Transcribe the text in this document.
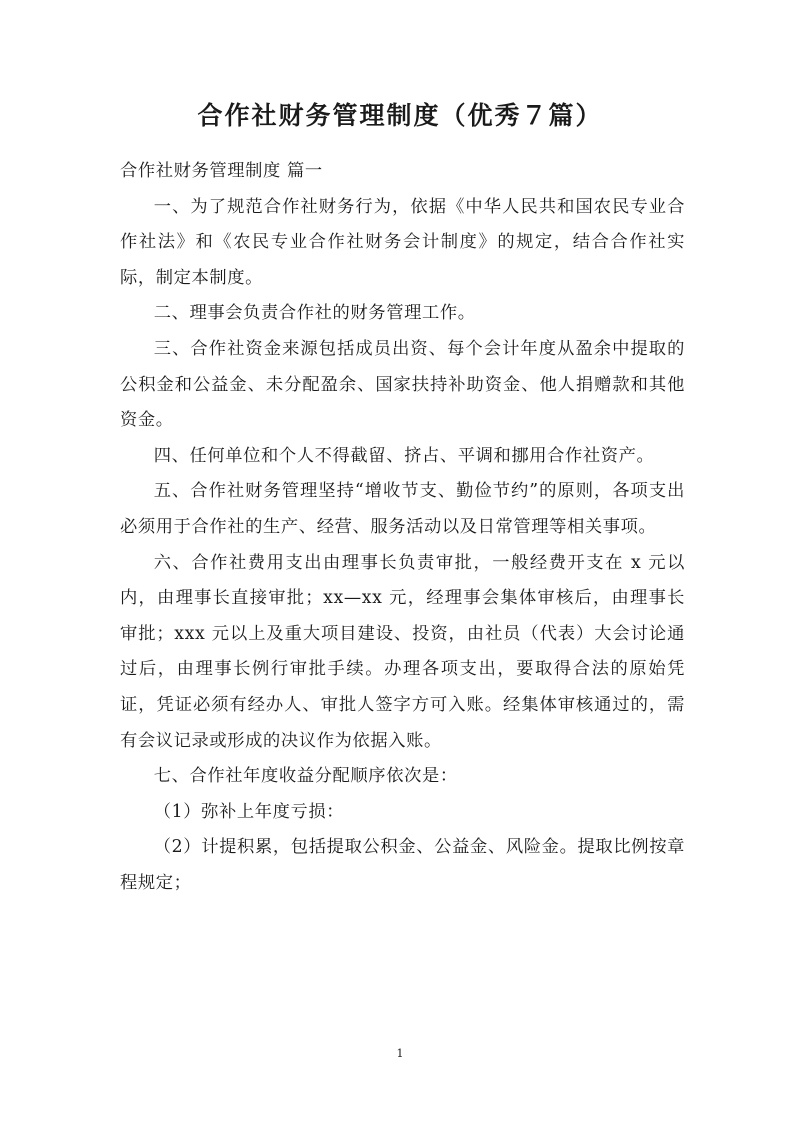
合作社财务管理制度（优秀７篇）

合作社财务管理制度 篇一

一、为了规范合作社财务行为，依据《中华人民共和国农民专业合作社法》和《农民专业合作社财务会计制度》的规定，结合合作社实际，制定本制度。

二、理事会负责合作社的财务管理工作。

三、合作社资金来源包括成员出资、每个会计年度从盈余中提取的公积金和公益金、未分配盈余、国家扶持补助资金、他人捐赠款和其他资金。

四、任何单位和个人不得截留、挤占、平调和挪用合作社资产。

五、合作社财务管理坚持“增收节支、勤俭节约”的原则，各项支出必须用于合作社的生产、经营、服务活动以及日常管理等相关事项。

六、合作社费用支出由理事长负责审批，一般经费开支在 x 元以内，由理事长直接审批；xx—xx 元，经理事会集体审核后，由理事长审批；xxx 元以上及重大项目建设、投资，由社员（代表）大会讨论通过后，由理事长例行审批手续。办理各项支出，要取得合法的原始凭证，凭证必须有经办人、审批人签字方可入账。经集体审核通过的，需有会议记录或形成的决议作为依据入账。

七、合作社年度收益分配顺序依次是：

（1）弥补上年度亏损：

（2）计提积累，包括提取公积金、公益金、风险金。提取比例按章程规定；

1
